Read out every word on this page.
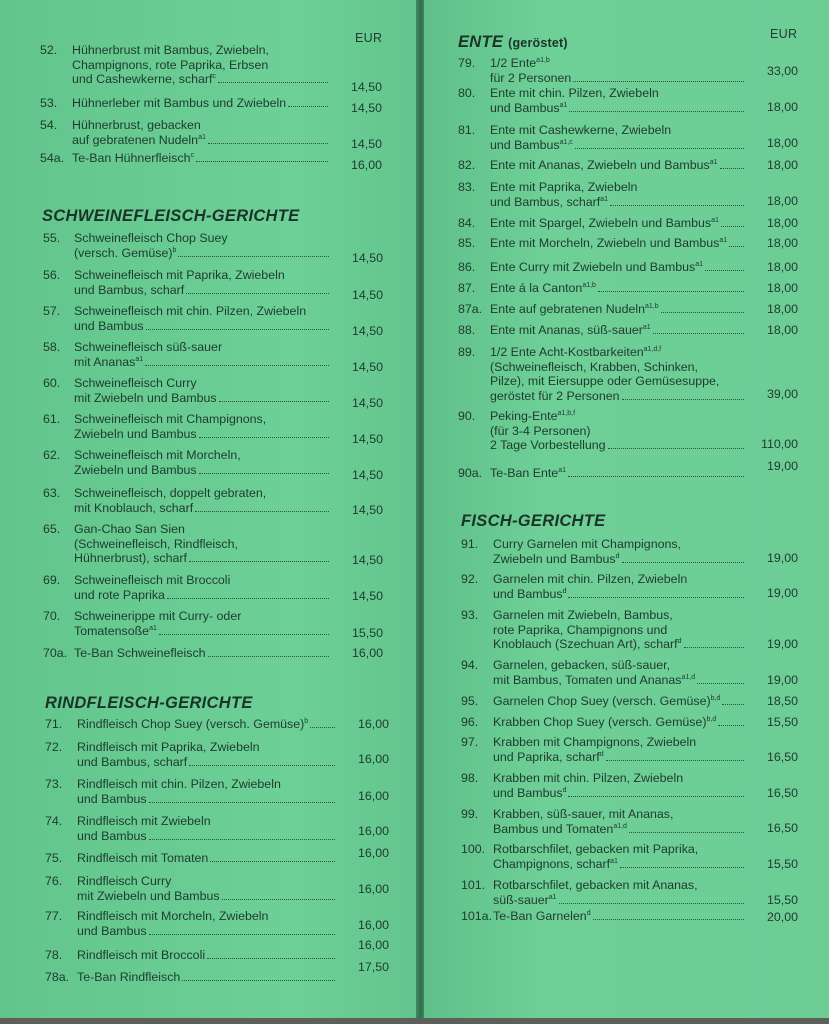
EUR
52. Hühnerbrust mit Bambus, Zwiebeln,
Champignons, rote Paprika, Erbsen
und Cashewkerne, scharf$^c$
14,50
53. Hühnerleber mit Bambus und Zwiebeln	14,50
54. Hühnerbrust, gebacken
auf gebratenen Nudeln$^{a1}$
14,50
54a. Te-Ban Hühnerfleisch$^c$
16,00
SCHWEINEFLEISCH-GERICHTE
55. Schweinefleisch Chop Suey
(versch. Gemüse)$^b$
14,50
56. Schweinefleisch mit Paprika, Zwiebeln
und Bambus, scharf	14,50
57. Schweinefleisch mit chin. Pilzen, Zwiebeln
und Bambus	14,50
58. Schweinefleisch süß-sauer
mit Ananas$^{a1}$
14,50
60. Schweinefleisch Curry
mit Zwiebeln und Bambus	14,50
61. Schweinefleisch mit Champignons,
Zwiebeln und Bambus	14,50
62. Schweinefleisch mit Morcheln,
Zwiebeln und Bambus	14,50
63. Schweinefleisch, doppelt gebraten,
mit Knoblauch, scharf	14,50
65. Gan-Chao San Sien
(Schweinefleisch, Rindfleisch,
Hühnerbrust), scharf	14,50
69. Schweinefleisch mit Broccoli
und rote Paprika	14,50
70. Schweinerippe mit Curry- oder
Tomatensoße$^{a1}$	15,50
70a. Te-Ban Schweinefleisch	16,00
RINDFLEISCH-GERICHTE
71. Rindfleisch Chop Suey (versch. Gemüse)$^b$	16,00
72. Rindfleisch mit Paprika, Zwiebeln
und Bambus, scharf	16,00
73. Rindfleisch mit chin. Pilzen, Zwiebeln
und Bambus	16,00
74. Rindfleisch mit Zwiebeln
und Bambus	16,00
75. Rindfleisch mit Tomaten	16,00
76. Rindfleisch Curry
mit Zwiebeln und Bambus	16,00
77. Rindfleisch mit Morcheln, Zwiebeln
und Bambus	16,00
78. Rindfleisch mit Broccoli
16,00
78a. Te-Ban Rindfleisch
17,50
EUR
ENTE (geröstet)
79. 1/2 Ente$^{a1,b}$
für 2 Personen	33,00
80. Ente mit chin. Pilzen, Zwiebeln
und Bambus$^{a1}$	18,00
81. Ente mit Cashewkerne, Zwiebeln
und Bambus$^{a1,c}$	18,00
82. Ente mit Ananas, Zwiebeln und Bambus$^{a1}$	18,00
83. Ente mit Paprika, Zwiebeln
und Bambus, scharf$^{a1}$	18,00
84. Ente mit Spargel, Zwiebeln und Bambus$^{a1}$	18,00
85. Ente mit Morcheln, Zwiebeln und Bambus$^{a1}$	18,00
86. Ente Curry mit Zwiebeln und Bambus$^{a1}$	18,00
87. Ente á la Canton$^{a1,b}$	18,00
87a. Ente auf gebratenen Nudeln$^{a1,b}$	18,00
88. Ente mit Ananas, süß-sauer$^{a1}$	18,00
89. 1/2 Ente Acht-Kostbarkeiten$^{a1,d,f}$
(Schweinefleisch, Krabben, Schinken,
Pilze), mit Eiersuppe oder Gemüsesuppe,
geröstet für 2 Personen	39,00
90. Peking-Ente$^{a1,b,f}$
(für 3-4 Personen)
2 Tage Vorbestellung	110,00
90a. Te-Ban Ente$^{a1}$	19,00
FISCH-GERICHTE
91. Curry Garnelen mit Champignons,
Zwiebeln und Bambus$^d$	19,00
92. Garnelen mit chin. Pilzen, Zwiebeln
und Bambus$^d$	19,00
93. Garnelen mit Zwiebeln, Bambus,
rote Paprika, Champignons und
Knoblauch (Szechuan Art), scharf$^d$	19,00
94. Garnelen, gebacken, süß-sauer,
mit Bambus, Tomaten und Ananas$^{a1,d}$	19,00
95. Garnelen Chop Suey (versch. Gemüse)$^{b,d}$	18,50
96. Krabben Chop Suey (versch. Gemüse)$^{b,d}$	15,50
97. Krabben mit Champignons, Zwiebeln
und Paprika, scharf$^d$	16,50
98. Krabben mit chin. Pilzen, Zwiebeln
und Bambus$^d$	16,50
99. Krabben, süß-sauer, mit Ananas,
Bambus und Tomaten$^{a1,d}$	16,50
100. Rotbarschfilet, gebacken mit Paprika,
Champignons, scharf$^{a1}$	15,50
101. Rotbarschfilet, gebacken mit Ananas,
süß-sauer$^{a1}$	15,50
101a. Te-Ban Garnelen$^d$	20,00
